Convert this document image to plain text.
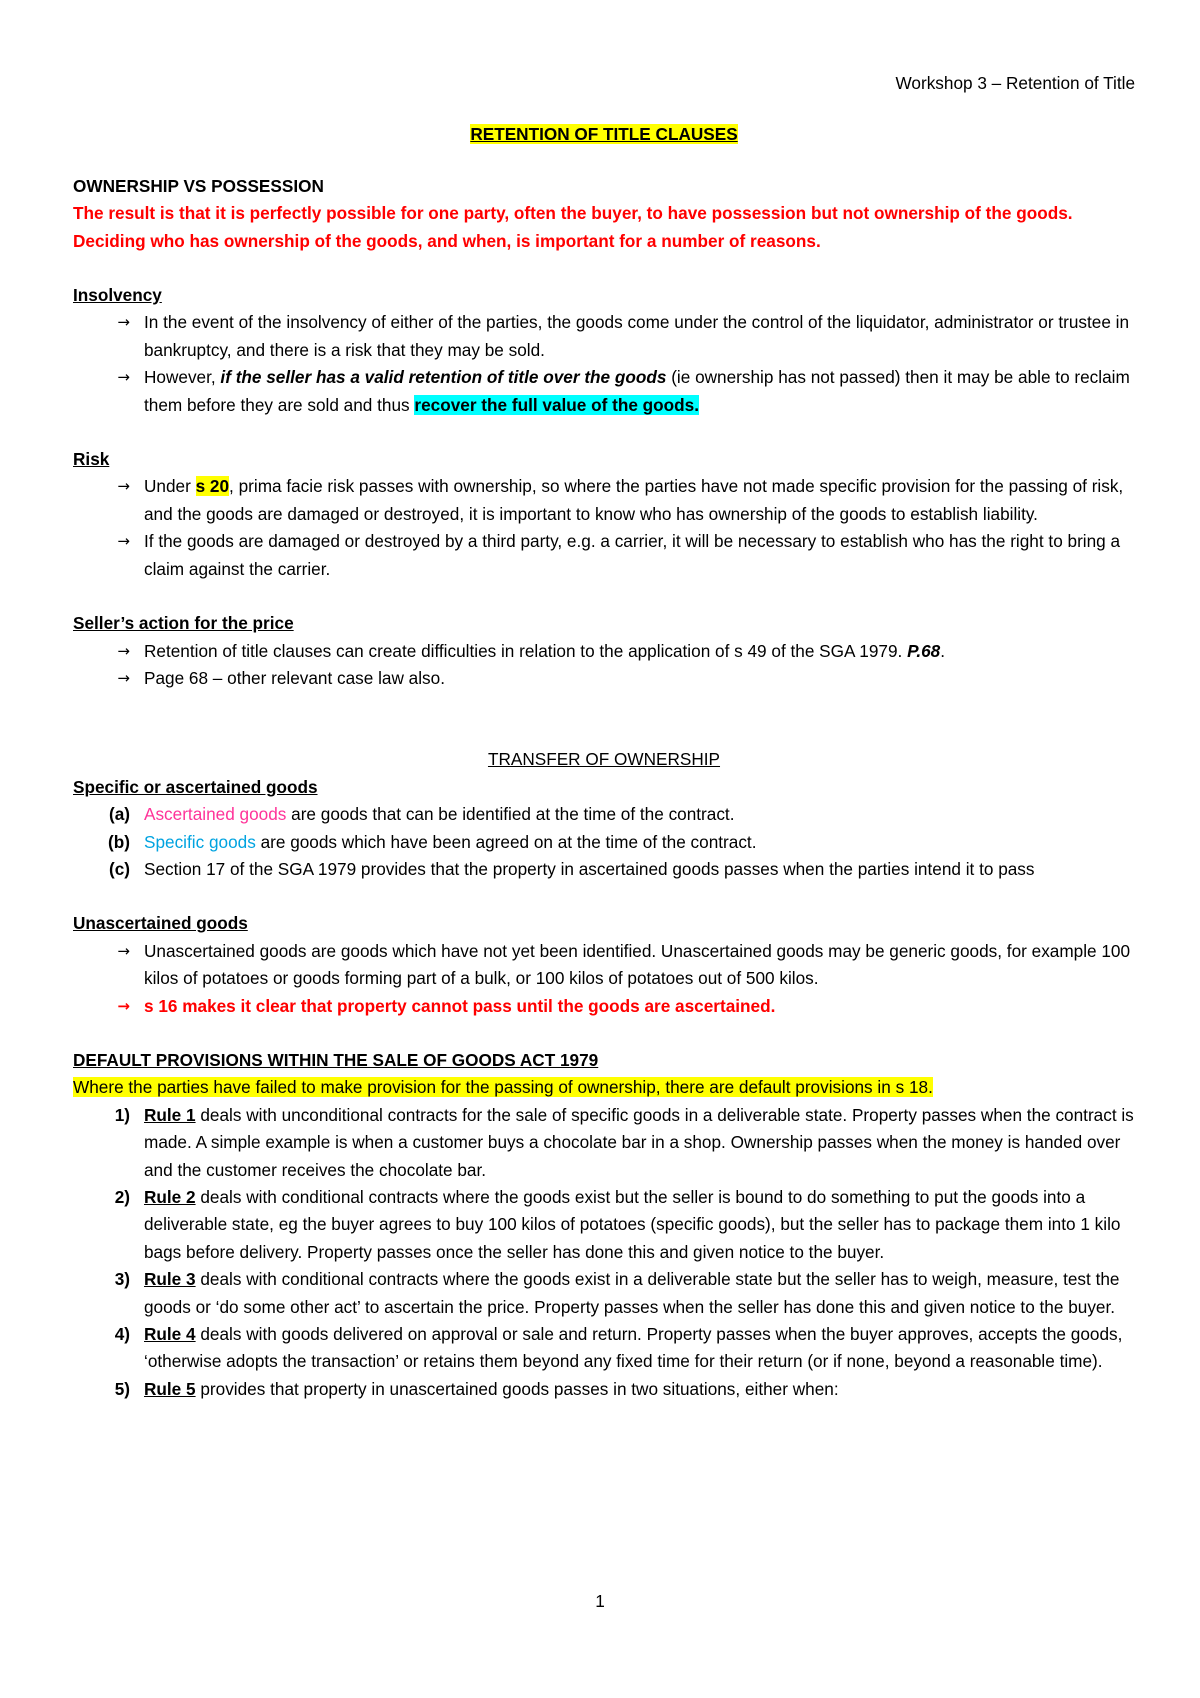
Workshop 3 – Retention of Title
RETENTION OF TITLE CLAUSES

OWNERSHIP VS POSSESSION

The result is that it is perfectly possible for one party, often the buyer, to have possession but not ownership of the goods. Deciding who has ownership of the goods, and when, is important for a number of reasons.

Insolvency

→ In the event of the insolvency of either of the parties, the goods come under the control of the liquidator, administrator or trustee in bankruptcy, and there is a risk that they may be sold.
→ However, if the seller has a valid retention of title over the goods (ie ownership has not passed) then it may be able to reclaim them before they are sold and thus recover the full value of the goods.

Risk

→ Under s 20, prima facie risk passes with ownership, so where the parties have not made specific provision for the passing of risk, and the goods are damaged or destroyed, it is important to know who has ownership of the goods to establish liability.
→ If the goods are damaged or destroyed by a third party, e.g. a carrier, it will be necessary to establish who has the right to bring a claim against the carrier.

Seller’s action for the price

→ Retention of title clauses can create difficulties in relation to the application of s 49 of the SGA 1979. P.68.
→ Page 68 – other relevant case law also.

TRANSFER OF OWNERSHIP

Specific or ascertained goods

(a) Ascertained goods are goods that can be identified at the time of the contract.
(b) Specific goods are goods which have been agreed on at the time of the contract.
(c) Section 17 of the SGA 1979 provides that the property in ascertained goods passes when the parties intend it to pass

Unascertained goods

→ Unascertained goods are goods which have not yet been identified. Unascertained goods may be generic goods, for example 100 kilos of potatoes or goods forming part of a bulk, or 100 kilos of potatoes out of 500 kilos.
→ s 16 makes it clear that property cannot pass until the goods are ascertained.

DEFAULT PROVISIONS WITHIN THE SALE OF GOODS ACT 1979

Where the parties have failed to make provision for the passing of ownership, there are default provisions in s 18.

1) Rule 1 deals with unconditional contracts for the sale of specific goods in a deliverable state. Property passes when the contract is made. A simple example is when a customer buys a chocolate bar in a shop. Ownership passes when the money is handed over and the customer receives the chocolate bar.
2) Rule 2 deals with conditional contracts where the goods exist but the seller is bound to do something to put the goods into a deliverable state, eg the buyer agrees to buy 100 kilos of potatoes (specific goods), but the seller has to package them into 1 kilo bags before delivery. Property passes once the seller has done this and given notice to the buyer.
3) Rule 3 deals with conditional contracts where the goods exist in a deliverable state but the seller has to weigh, measure, test the goods or ‘do some other act’ to ascertain the price. Property passes when the seller has done this and given notice to the buyer.
4) Rule 4 deals with goods delivered on approval or sale and return. Property passes when the buyer approves, accepts the goods, ‘otherwise adopts the transaction’ or retains them beyond any fixed time for their return (or if none, beyond a reasonable time).
5) Rule 5 provides that property in unascertained goods passes in two situations, either when:
1
